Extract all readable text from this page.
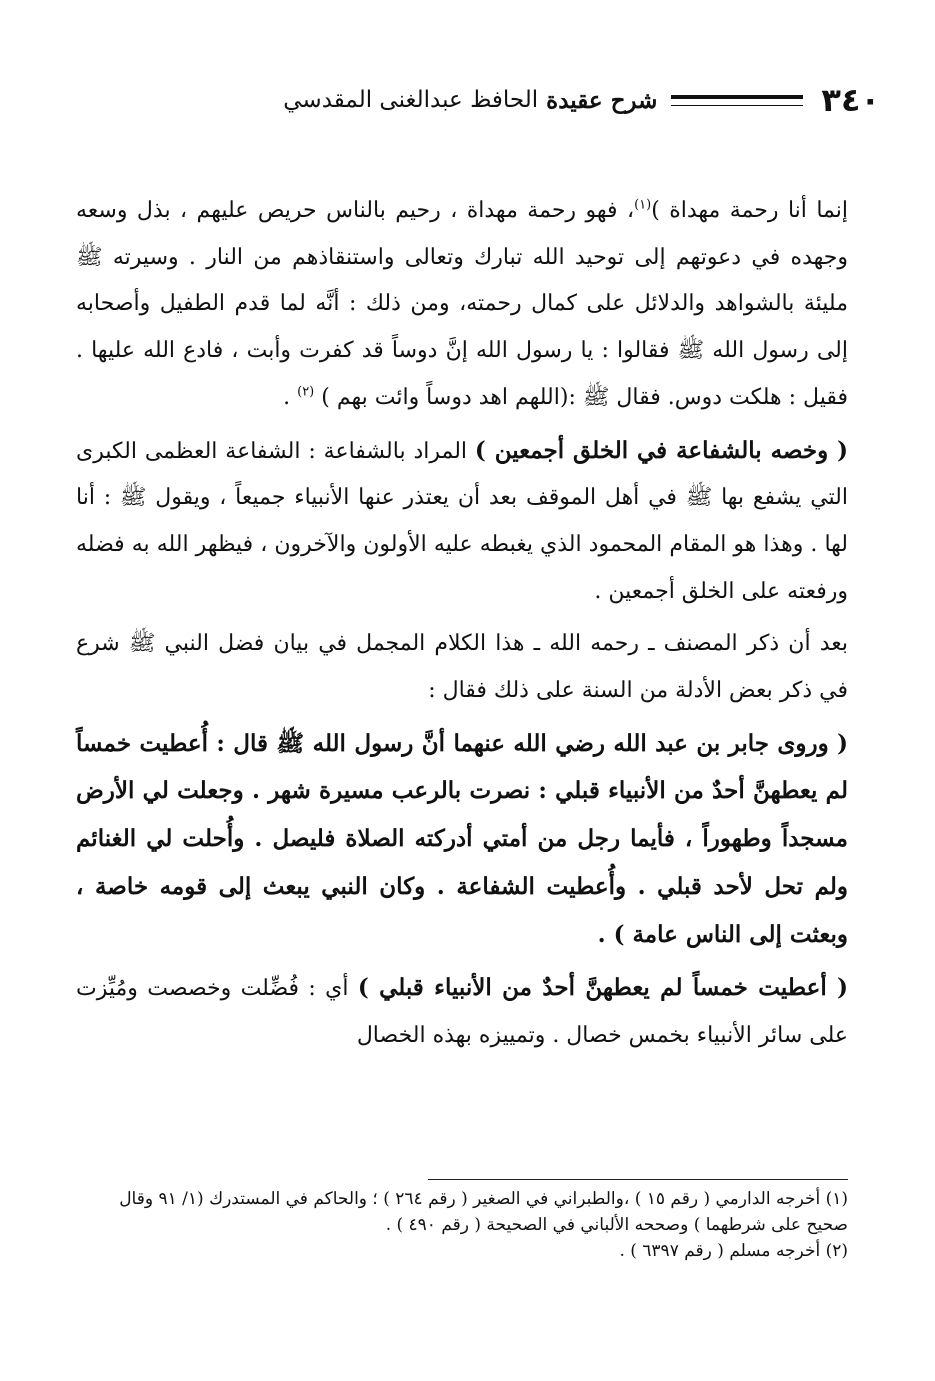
٣٤٠
شرح عقيدة
الحافظ عبدالغنى المقدسي

إنما أنا رحمة مهداة )$^{(١)}$، فهو رحمة مهداة ، رحيم بالناس حريص عليهم ، بذل وسعه وجهده في دعوتهم إلى توحيد الله تبارك وتعالى واستنقاذهم من النار . وسيرته ﷺ مليئة بالشواهد والدلائل على كمال رحمته، ومن ذلك : أنَّه لما قدم الطفيل وأصحابه إلى رسول الله ﷺ فقالوا : يا رسول الله إنَّ دوساً قد كفرت وأبت ، فادع الله عليها . فقيل : هلكت دوس. فقال ﷺ :(اللهم اهد دوساً وائت بهم ) $^{(٢)}$ .

( وخصه بالشفاعة في الخلق أجمعين ) المراد بالشفاعة : الشفاعة العظمى الكبرى التي يشفع بها ﷺ في أهل الموقف بعد أن يعتذر عنها الأنبياء جميعاً ، ويقول ﷺ : أنا لها . وهذا هو المقام المحمود الذي يغبطه عليه الأولون والآخرون ، فيظهر الله به فضله ورفعته على الخلق أجمعين .

بعد أن ذكر المصنف ـ رحمه الله ـ هذا الكلام المجمل في بيان فضل النبي ﷺ شرع في ذكر بعض الأدلة من السنة على ذلك فقال :

( وروى جابر بن عبد الله رضي الله عنهما أنَّ رسول الله ﷺ قال : أُعطيت خمساً لم يعطهنَّ أحدٌ من الأنبياء قبلي : نصرت بالرعب مسيرة شهر . وجعلت لي الأرض مسجداً وطهوراً ، فأيما رجل من أمتي أدركته الصلاة فليصل . وأُحلت لي الغنائم ولم تحل لأحد قبلي . وأُعطيت الشفاعة . وكان النبي يبعث إلى قومه خاصة ، وبعثت إلى الناس عامة ) .

( أعطيت خمساً لم يعطهنَّ أحدٌ من الأنبياء قبلي ) أي : فُضِّلت وخصصت ومُيِّزت على سائر الأنبياء بخمس خصال . وتمييزه بهذه الخصال

(١) أخرجه الدارمي ( رقم ١٥ ) ،والطبراني في الصغير ( رقم ٢٦٤ ) ؛ والحاكم في المستدرك (١/ ٩١ وقال صحيح على شرطهما ) وصححه الألباني في الصحيحة ( رقم ٤٩٠ ) .

(٢) أخرجه مسلم ( رقم ٦٣٩٧ ) .
